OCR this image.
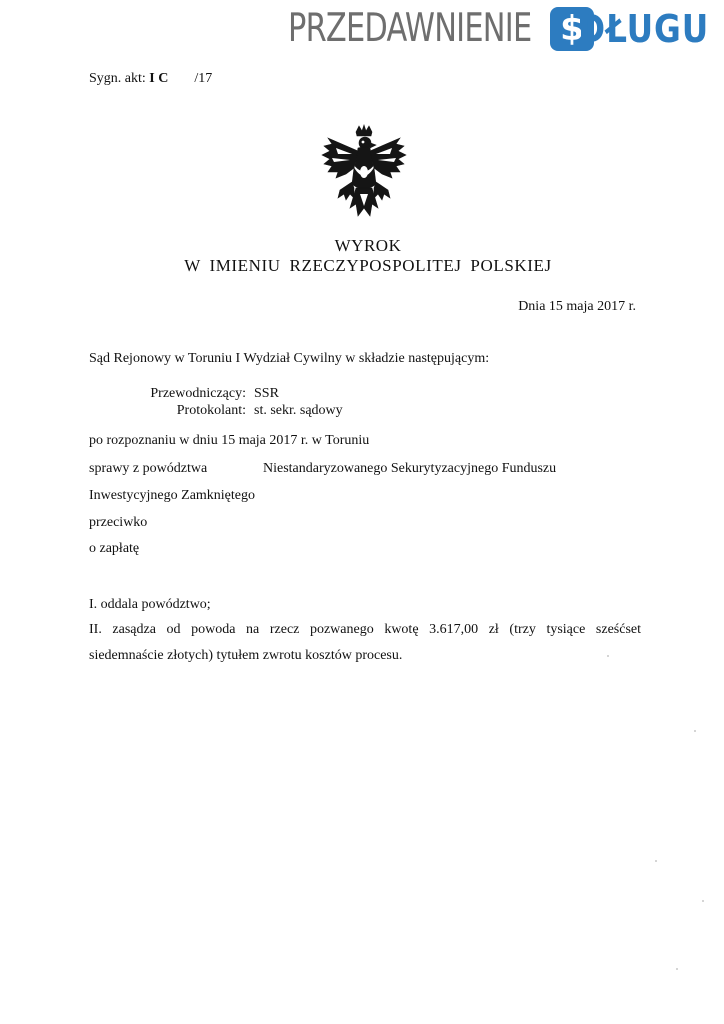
PRZEDAWNIENIE $
DŁUGU
Sygn. akt: I C /17
WYROK
W IMIENIU RZECZYPOSPOLITEJ POLSKIEJ
Dnia 15 maja 2017 r.
Sąd Rejonowy w Toruniu I Wydział Cywilny w składzie następującym:
Przewodniczący: SSR
Protokolant: st. sekr. sądowy
po rozpoznaniu w dniu 15 maja 2017 r. w Toruniu
sprawy z powództwa	Niestandaryzowanego Sekurytyzacyjnego Funduszu
Inwestycyjnego Zamkniętego
przeciwko
o zapłatę
I. oddala powództwo;
II. zasądza od powoda na rzecz pozwanego kwotę 3.617,00 zł (trzy tysiące sześćset
siedemnaście złotych) tytułem zwrotu kosztów procesu.
